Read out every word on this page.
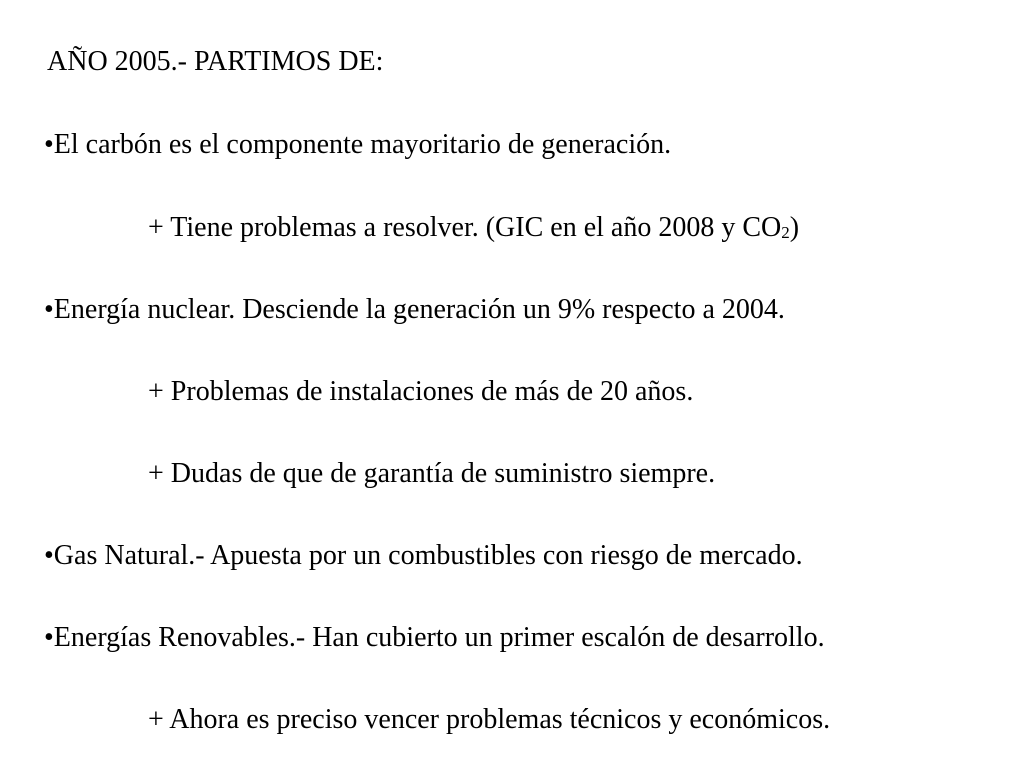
AÑO 2005.- PARTIMOS DE:
•El carbón es el componente mayoritario de generación.
+ Tiene problemas a resolver. (GIC en el año 2008 y CO2)
•Energía nuclear. Desciende la generación un 9% respecto a 2004.
+ Problemas de instalaciones de más de 20 años.
+ Dudas de que de garantía de suministro siempre.
•Gas Natural.- Apuesta por un combustibles con riesgo de mercado.
•Energías Renovables.- Han cubierto un primer escalón de desarrollo.
+ Ahora es preciso vencer problemas técnicos y económicos.
